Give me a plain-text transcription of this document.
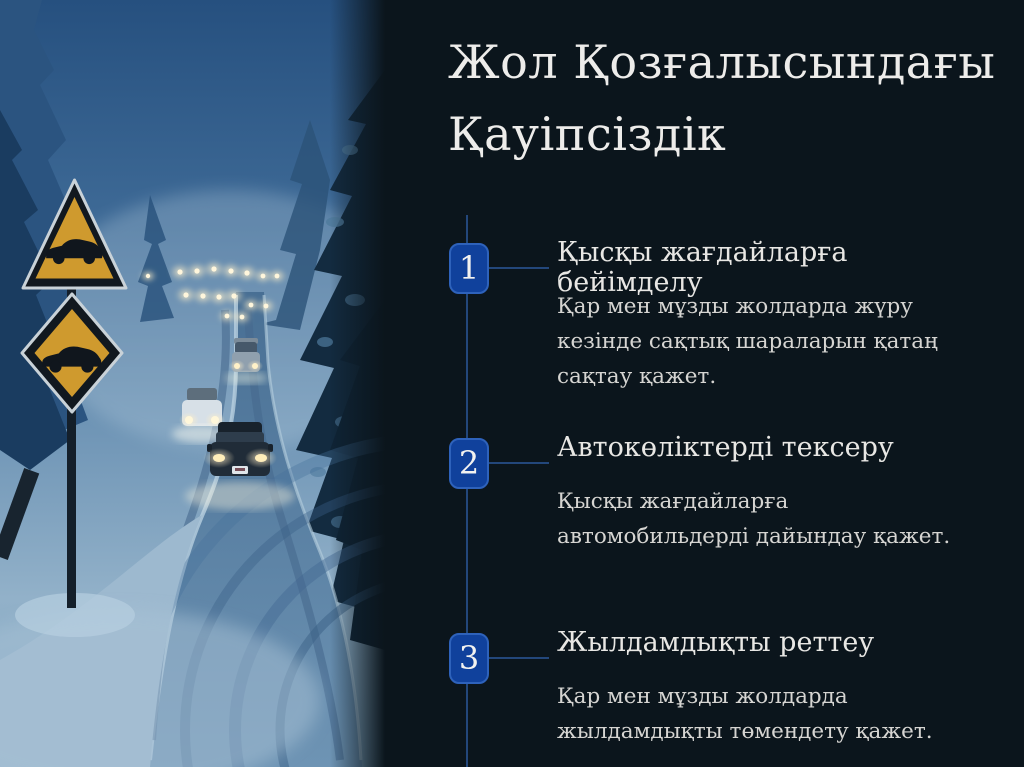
Жол Қозғалысындағы
Қауіпсіздік
1	Қысқы жағдайларға бейімделу

Қар мен мұзды жолдарда жүру кезінде сақтық шараларын қатаң сақтау қажет.

2	Автокөліктерді тексеру

Қысқы жағдайларға автомобильдерді дайындау қажет.

3	Жылдамдықты реттеу

Қар мен мұзды жолдарда жылдамдықты төмендету қажет.
